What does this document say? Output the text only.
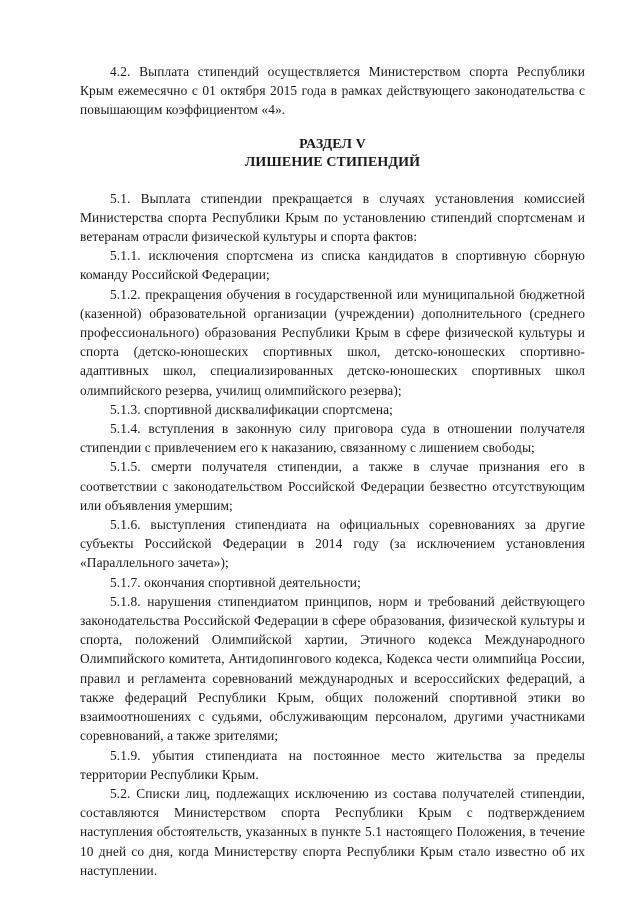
4.2. Выплата стипендий осуществляется Министерством спорта Республики Крым ежемесячно с 01 октября 2015 года в рамках действующего законодательства с повышающим коэффициентом «4».

РАЗДЕЛ V

ЛИШЕНИЕ СТИПЕНДИЙ

5.1. Выплата стипендии прекращается в случаях установления комиссией Министерства спорта Республики Крым по установлению стипендий спортсменам и ветеранам отрасли физической культуры и спорта фактов:

5.1.1. исключения спортсмена из списка кандидатов в спортивную сборную команду Российской Федерации;

5.1.2. прекращения обучения в государственной или муниципальной бюджетной (казенной) образовательной организации (учреждении) дополнительного (среднего профессионального) образования Республики Крым в сфере физической культуры и спорта (детско-юношеских спортивных школ, детско-юношеских спортивно-адаптивных школ, специализированных детско-юношеских спортивных школ олимпийского резерва, училищ олимпийского резерва);

5.1.3. спортивной дисквалификации спортсмена;

5.1.4. вступления в законную силу приговора суда в отношении получателя стипендии с привлечением его к наказанию, связанному с лишением свободы;

5.1.5. смерти получателя стипендии, а также в случае признания его в соответствии с законодательством Российской Федерации безвестно отсутствующим или объявления умершим;

5.1.6. выступления стипендиата на официальных соревнованиях за другие субъекты Российской Федерации в 2014 году (за исключением установления «Параллельного зачета»);

5.1.7. окончания спортивной деятельности;

5.1.8. нарушения стипендиатом принципов, норм и требований действующего законодательства Российской Федерации в сфере образования, физической культуры и спорта, положений Олимпийской хартии, Этичного кодекса Международного Олимпийского комитета, Антидопингового кодекса, Кодекса чести олимпийца России, правил и регламента соревнований международных и всероссийских федераций, а также федераций Республики Крым, общих положений спортивной этики во взаимоотношениях с судьями, обслуживающим персоналом, другими участниками соревнований, а также зрителями;

5.1.9. убытия стипендиата на постоянное место жительства за пределы территории Республики Крым.

5.2. Списки лиц, подлежащих исключению из состава получателей стипендии, составляются Министерством спорта Республики Крым с подтверждением наступления обстоятельств, указанных в пункте 5.1 настоящего Положения, в течение 10 дней со дня, когда Министерству спорта Республики Крым стало известно об их наступлении.
